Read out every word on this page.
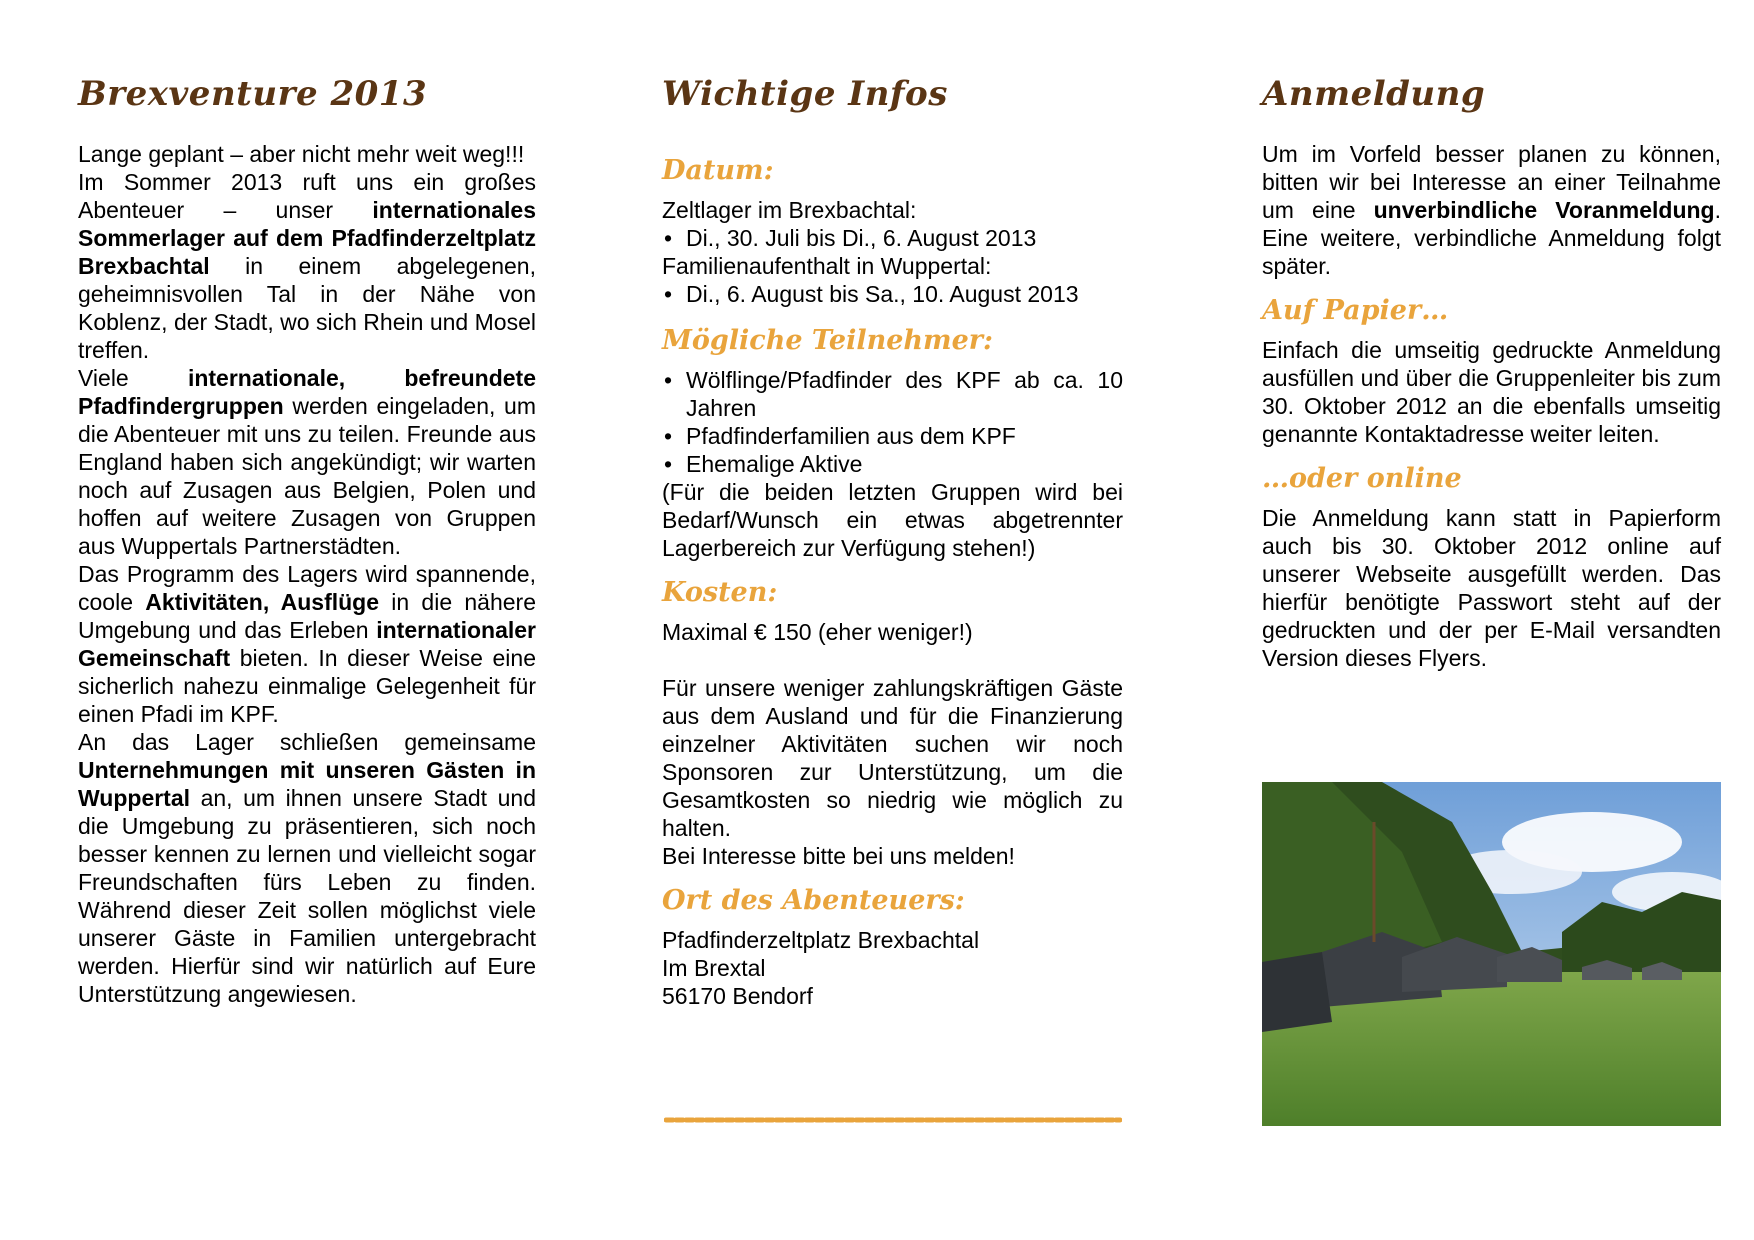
Brexventure 2013

Lange geplant – aber nicht mehr weit weg!!!

Im Sommer 2013 ruft uns ein großes Abenteuer – unser internationales Sommerlager auf dem Pfadfinderzeltplatz Brexbachtal in einem abgelegenen, geheimnisvollen Tal in der Nähe von Koblenz, der Stadt, wo sich Rhein und Mosel treffen.

Viele internationale, befreundete Pfadfindergruppen werden eingeladen, um die Abenteuer mit uns zu teilen. Freunde aus England haben sich angekündigt; wir warten noch auf Zusagen aus Belgien, Polen und hoffen auf weitere Zusagen von Gruppen aus Wuppertals Partnerstädten.

Das Programm des Lagers wird spannende, coole Aktivitäten, Ausflüge in die nähere Umgebung und das Erleben internationaler Gemeinschaft bieten. In dieser Weise eine sicherlich nahezu einmalige Gelegenheit für einen Pfadi im KPF.

An das Lager schließen gemeinsame Unternehmungen mit unseren Gästen in Wuppertal an, um ihnen unsere Stadt und die Umgebung zu präsentieren, sich noch besser kennen zu lernen und vielleicht sogar Freundschaften fürs Leben zu finden. Während dieser Zeit sollen möglichst viele unserer Gäste in Familien untergebracht werden. Hierfür sind wir natürlich auf Eure Unterstützung angewiesen.

Wichtige Infos
Datum:

Zeltlager im Brexbachtal:

• Di., 30. Juli bis Di., 6. August 2013

Familienaufenthalt in Wuppertal:

• Di., 6. August bis Sa., 10. August 2013
Mögliche Teilnehmer:
• Wölflinge/Pfadfinder des KPF ab ca. 10 Jahren
• Pfadfinderfamilien aus dem KPF
• Ehemalige Aktive

(Für die beiden letzten Gruppen wird bei Bedarf/Wunsch ein etwas abgetrennter Lagerbereich zur Verfügung stehen!)

Kosten:

Maximal € 150 (eher weniger!)

Für unsere weniger zahlungskräftigen Gäste aus dem Ausland und für die Finanzierung einzelner Aktivitäten suchen wir noch Sponsoren zur Unterstützung, um die Gesamtkosten so niedrig wie möglich zu halten.

Bei Interesse bitte bei uns melden!

Ort des Abenteuers:

Pfadfinderzeltplatz Brexbachtal

Im Brextal

56170 Bendorf

Anmeldung

Um im Vorfeld besser planen zu können, bitten wir bei Interesse an einer Teilnahme um eine unverbindliche Voranmeldung. Eine weitere, verbindliche Anmeldung folgt später.

Auf Papier…
Einfach die umseitig gedruckte Anmeldung ausfüllen und über die Gruppenleiter bis zum 30. Oktober 2012 an die ebenfalls umseitig genannte Kontaktadresse weiter leiten.
…oder online
Die Anmeldung kann statt in Papierform auch bis 30. Oktober 2012 online auf unserer Webseite ausgefüllt werden. Das hierfür benötigte Passwort steht auf der gedruckten und der per E-Mail versandten Version dieses Flyers.
